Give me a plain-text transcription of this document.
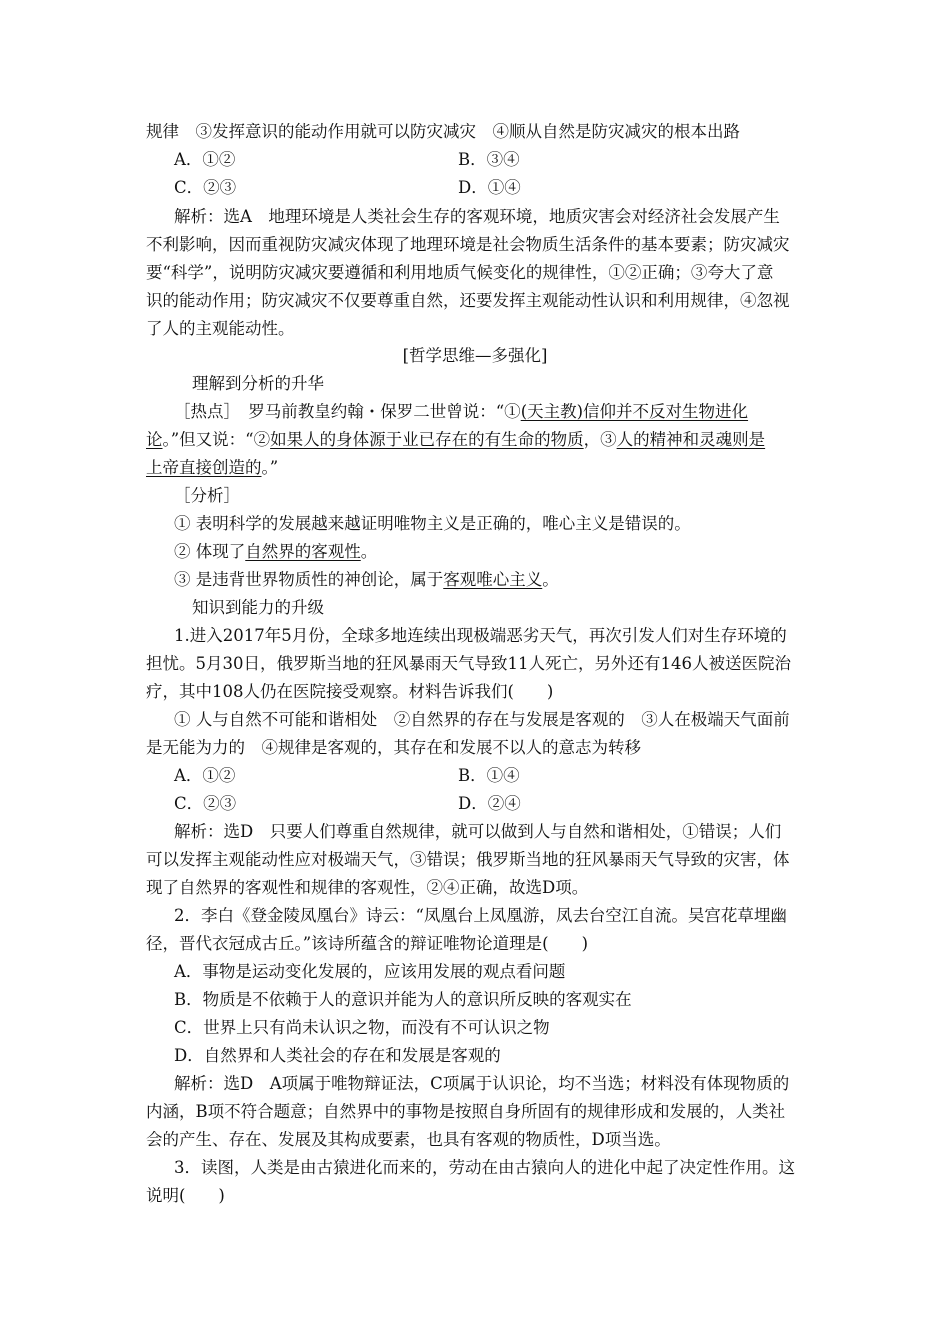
规律　③发挥意识的能动作用就可以防灾减灾　④顺从自然是防灾减灾的根本出路
A．①②	B．③④
C．②③	D．①④
解析：选A　地理环境是人类社会生存的客观环境，地质灾害会对经济社会发展产生
不利影响，因而重视防灾减灾体现了地理环境是社会物质生活条件的基本要素；防灾减灾
要“科学”，说明防灾减灾要遵循和利用地质气候变化的规律性，①②正确；③夸大了意
识的能动作用；防灾减灾不仅要尊重自然，还要发挥主观能动性认识和利用规律，④忽视
了人的主观能动性。
[哲学思维—多强化]
理解到分析的升华
［热点］　罗马前教皇约翰・保罗二世曾说：“①(天主教)信仰并不反对生物进化
论。”但又说：“②如果人的身体源于业已存在的有生命的物质，③人的精神和灵魂则是
上帝直接创造的。”
［分析］
① 表明科学的发展越来越证明唯物主义是正确的，唯心主义是错误的。
② 体现了自然界的客观性。
③ 是违背世界物质性的神创论，属于客观唯心主义。
知识到能力的升级
1.进入2017年5月份，全球多地连续出现极端恶劣天气，再次引发人们对生存环境的
担忧。5月30日，俄罗斯当地的狂风暴雨天气导致11人死亡，另外还有146人被送医院治
疗，其中108人仍在医院接受观察。材料告诉我们(　　)
① 人与自然不可能和谐相处　②自然界的存在与发展是客观的　③人在极端天气面前
是无能为力的　④规律是客观的，其存在和发展不以人的意志为转移
A．①②	B．①④
C．②③	D．②④
解析：选D　只要人们尊重自然规律，就可以做到人与自然和谐相处，①错误；人们
可以发挥主观能动性应对极端天气，③错误；俄罗斯当地的狂风暴雨天气导致的灾害，体
现了自然界的客观性和规律的客观性，②④正确，故选D项。
2．李白《登金陵凤凰台》诗云：“凤凰台上凤凰游，凤去台空江自流。吴宫花草埋幽
径，晋代衣冠成古丘。”该诗所蕴含的辩证唯物论道理是(　　)
A．事物是运动变化发展的，应该用发展的观点看问题
B．物质是不依赖于人的意识并能为人的意识所反映的客观实在
C．世界上只有尚未认识之物，而没有不可认识之物
D．自然界和人类社会的存在和发展是客观的
解析：选D　A项属于唯物辩证法，C项属于认识论，均不当选；材料没有体现物质的
内涵，B项不符合题意；自然界中的事物是按照自身所固有的规律形成和发展的，人类社
会的产生、存在、发展及其构成要素，也具有客观的物质性，D项当选。
3．读图，人类是由古猿进化而来的，劳动在由古猿向人的进化中起了决定性作用。这
说明(　　)
